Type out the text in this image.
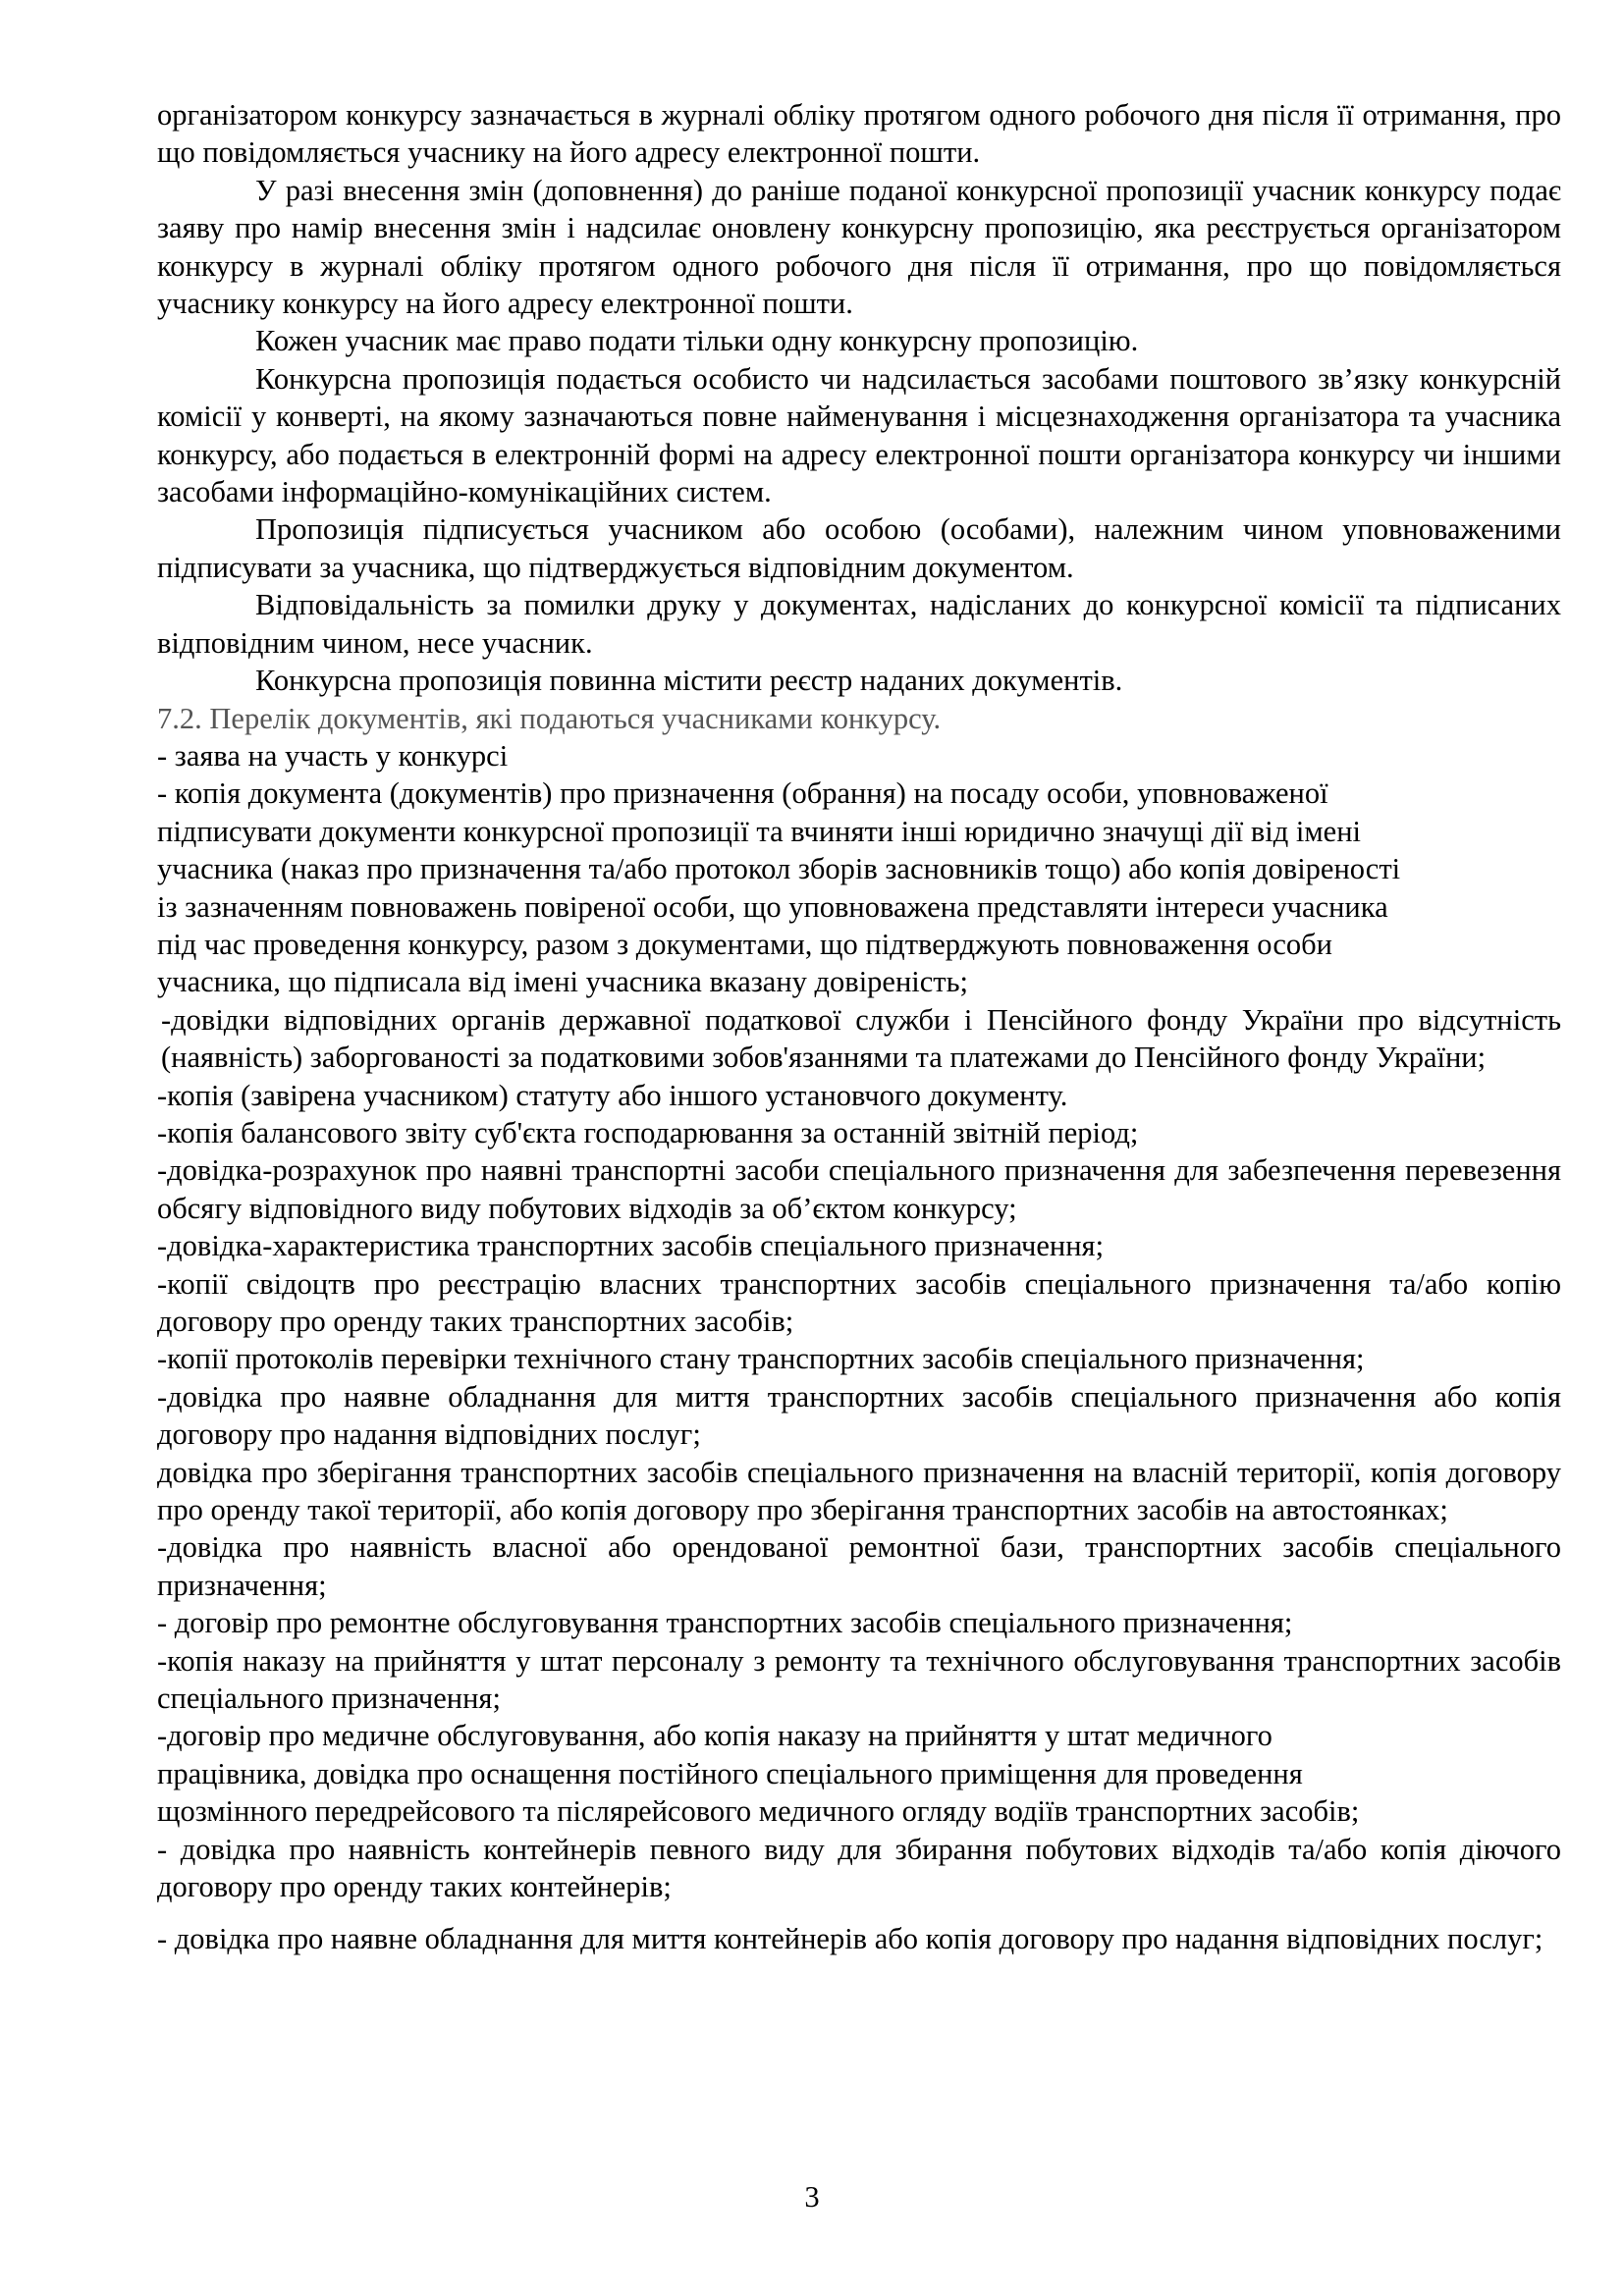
організатором конкурсу зазначається в журналі обліку протягом одного робочого дня після її отримання, про що повідомляється учаснику на його адресу електронної пошти.

У разі внесення змін (доповнення) до раніше поданої конкурсної пропозиції учасник конкурсу подає заяву про намір внесення змін і надсилає оновлену конкурсну пропозицію, яка реєструється організатором конкурсу в журналі обліку протягом одного робочого дня після її отримання, про що повідомляється учаснику конкурсу на його адресу електронної пошти.

Кожен учасник має право подати тільки одну конкурсну пропозицію.

Конкурсна пропозиція подається особисто чи надсилається засобами поштового зв’язку конкурсній комісії у конверті, на якому зазначаються повне найменування і місцезнаходження організатора та учасника конкурсу, або подається в електронній формі на адресу електронної пошти організатора конкурсу чи іншими засобами інформаційно-комунікаційних систем.

Пропозиція підписується учасником або особою (особами), належним чином уповноваженими підписувати за учасника, що підтверджується відповідним документом.

Відповідальність за помилки друку у документах, надісланих до конкурсної комісії та підписаних відповідним чином, несе учасник.

Конкурсна пропозиція повинна містити реєстр наданих документів.

7.2. Перелік документів, які подаються учасниками конкурсу.

- заява на участь у конкурсі

- копія документа (документів) про призначення (обрання) на посаду особи, уповноваженої

підписувати документи конкурсної пропозиції та вчиняти інші юридично значущі дії від імені

учасника (наказ про призначення та/або протокол зборів засновників тощо) або копія довіреності

із зазначенням повноважень повіреної особи, що уповноважена представляти інтереси учасника

під час проведення конкурсу, разом з документами, що підтверджують повноваження особи

учасника, що підписала від імені учасника вказану довіреність;

-довідки відповідних органів державної податкової служби і Пенсійного фонду України про відсутність (наявність) заборгованості за податковими зобов'язаннями та платежами до Пенсійного фонду України;

-копія (завірена учасником) статуту або іншого установчого документу.

-копія балансового звіту суб'єкта господарювання за останній звітній період;

-довідка-розрахунок про наявні транспортні засоби спеціального призначення для забезпечення перевезення обсягу відповідного виду побутових відходів за об’єктом конкурсу;

-довідка-характеристика транспортних засобів спеціального призначення;

-копії свідоцтв про реєстрацію власних транспортних засобів спеціального призначення та/або копію договору про оренду таких транспортних засобів;

-копії протоколів перевірки технічного стану транспортних засобів спеціального призначення;

-довідка про наявне обладнання для миття транспортних засобів спеціального призначення або копія договору про надання відповідних послуг;

довідка про зберігання транспортних засобів спеціального призначення на власній території, копія договору про оренду такої території, або копія договору про зберігання транспортних засобів на автостоянках;

-довідка про наявність власної або орендованої ремонтної бази, транспортних засобів спеціального призначення;

- договір про ремонтне обслуговування транспортних засобів спеціального призначення;

-копія наказу на прийняття у штат персоналу з ремонту та технічного обслуговування транспортних засобів спеціального призначення;

-договір про медичне обслуговування, або копія наказу на прийняття у штат медичного

працівника, довідка про оснащення постійного спеціального приміщення для проведення

щозмінного передрейсового та післярейсового медичного огляду водіїв транспортних засобів;

- довідка про наявність контейнерів певного виду для збирання побутових відходів та/або копія діючого договору про оренду таких контейнерів;

- довідка про наявне обладнання для миття контейнерів або копія договору про надання відповідних послуг;

3
